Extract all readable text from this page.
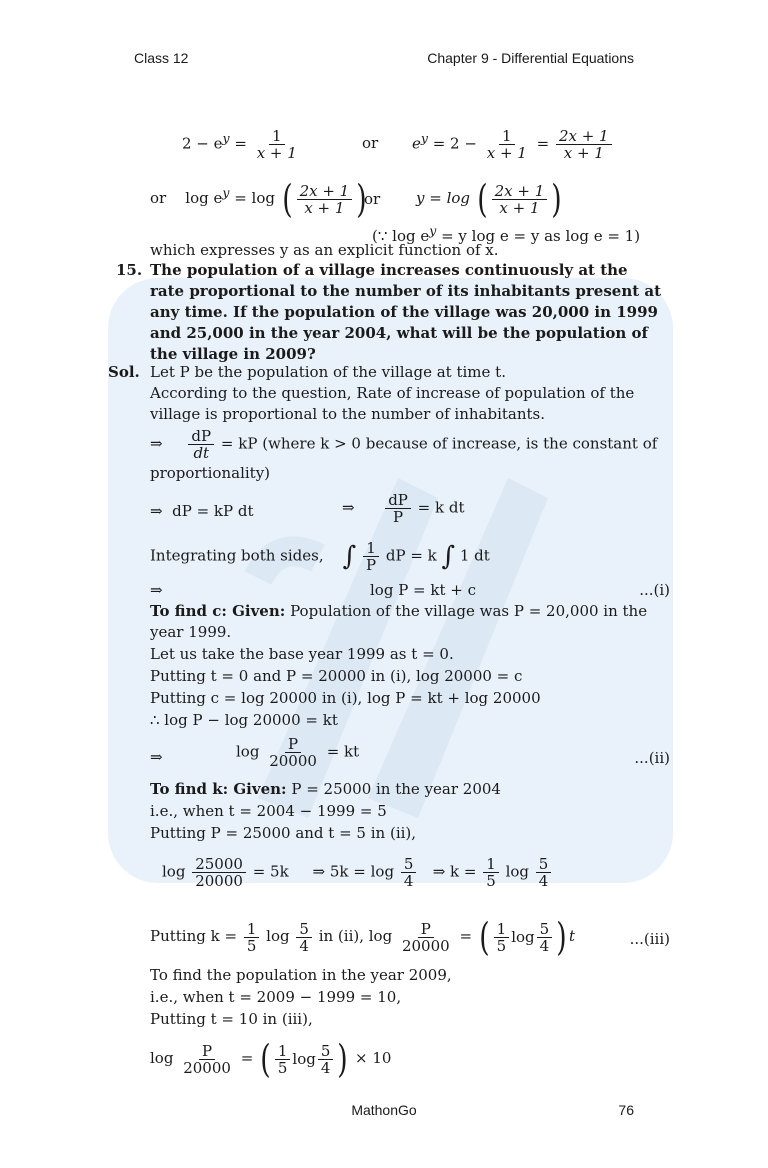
Class 12	Chapter 9 - Differential Equations
$2 - e^y = \frac{1}{x + 1}$	or $e^y = 2 - \frac{1}{x + 1} = \frac{2x + 1}{x + 1}$
or $\log e^y = \log$ ( $\frac{2x + 1}{x + 1}$ )
or y = log ( $\frac{2x + 1}{x + 1}$ )
(∵ $\log e^y = y$ log e = y as log e = 1)
which expresses y as an explicit function of x.
15. The population of a village increases continuously at the
rate proportional to the number of its inhabitants present at
any time. If the population of the village was 20,000 in 1999
and 25,000 in the year 2004, what will be the population of
the village in 2009?
Sol. Let P be the population of the village at time t.
According to the question, Rate of increase of population of the
village is proportional to the number of inhabitants.
⇒ $\frac{dP}{dt}$ = kP (where k > 0 because of increase, is the constant of
proportionality)
⇒ dP = kP dt	⇒ $\frac{dP}{P} = k$ dt
Integrating both sides, ∫ $\frac{1}{P}$ dP = k ∫ 1 dt
⇒	log P = kt + c	...(i)
To find c: Given: Population of the village was P = 20,000 in the
year 1999.
Let us take the base year 1999 as t = 0.
Putting t = 0 and P = 20000 in (i), log 20000 = c
Putting c = log 20000 in (i), log P = kt + log 20000
∴ log P − log 20000 = kt
⇒	$\log \frac{P}{20000}$ = kt	...(ii)
To find k: Given: P = 25000 in the year 2004
i.e., when t = 2004 − 1999 = 5
Putting P = 25000 and t = 5 in (ii),
$\log \frac{25000}{20000} = 5k$ ⇒ $5k = \log \frac{5}{4}$ ⇒ $k = \frac{1}{5}$ $\log \frac{5}{4}$
Putting $k = \frac{1}{5}$ $\log \frac{5}{4}$ in (ii), $\log \frac{P}{20000}$ = ( $\frac{1}{5}$ $\log \frac{5}{4}$ ) t	...(iii)
To find the population in the year 2009,
i.e., when t = 2009 − 1999 = 10,
Putting t = 10 in (iii),
$\log \frac{P}{20000}$ = ( $\frac{1}{5}$ $\log \frac{5}{4}$ ) × 10
MathonGo	76
